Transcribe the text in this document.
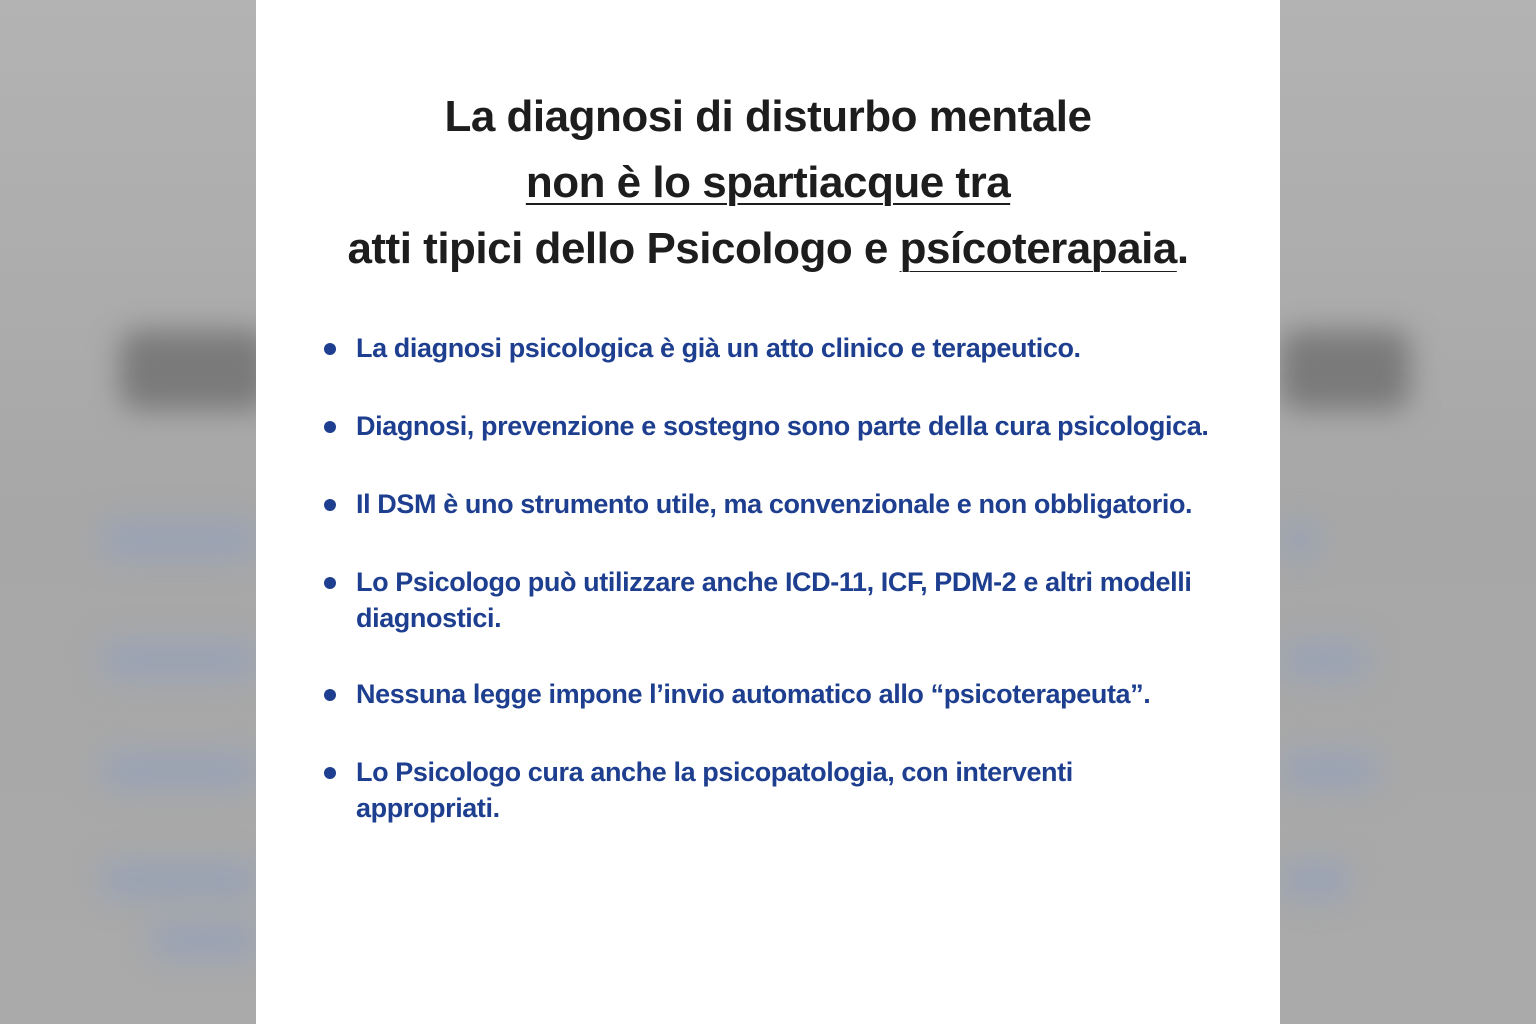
La diagnosi di disturbo mentale
non è lo spartiacque tra
atti tipici dello Psicologo e psícoterapaia.
La diagnosi psicologica è già un atto clinico e terapeutico.
Diagnosi, prevenzione e sostegno sono parte della cura psicologica.
Il DSM è uno strumento utile, ma convenzionale e non obbligatorio.
Lo Psicologo può utilizzare anche ICD-11, ICF, PDM-2 e altri modelli diagnostici.
Nessuna legge impone l’invio automatico allo “psicoterapeuta”.
Lo Psicologo cura anche la psicopatologia, con interventi appropriati.
